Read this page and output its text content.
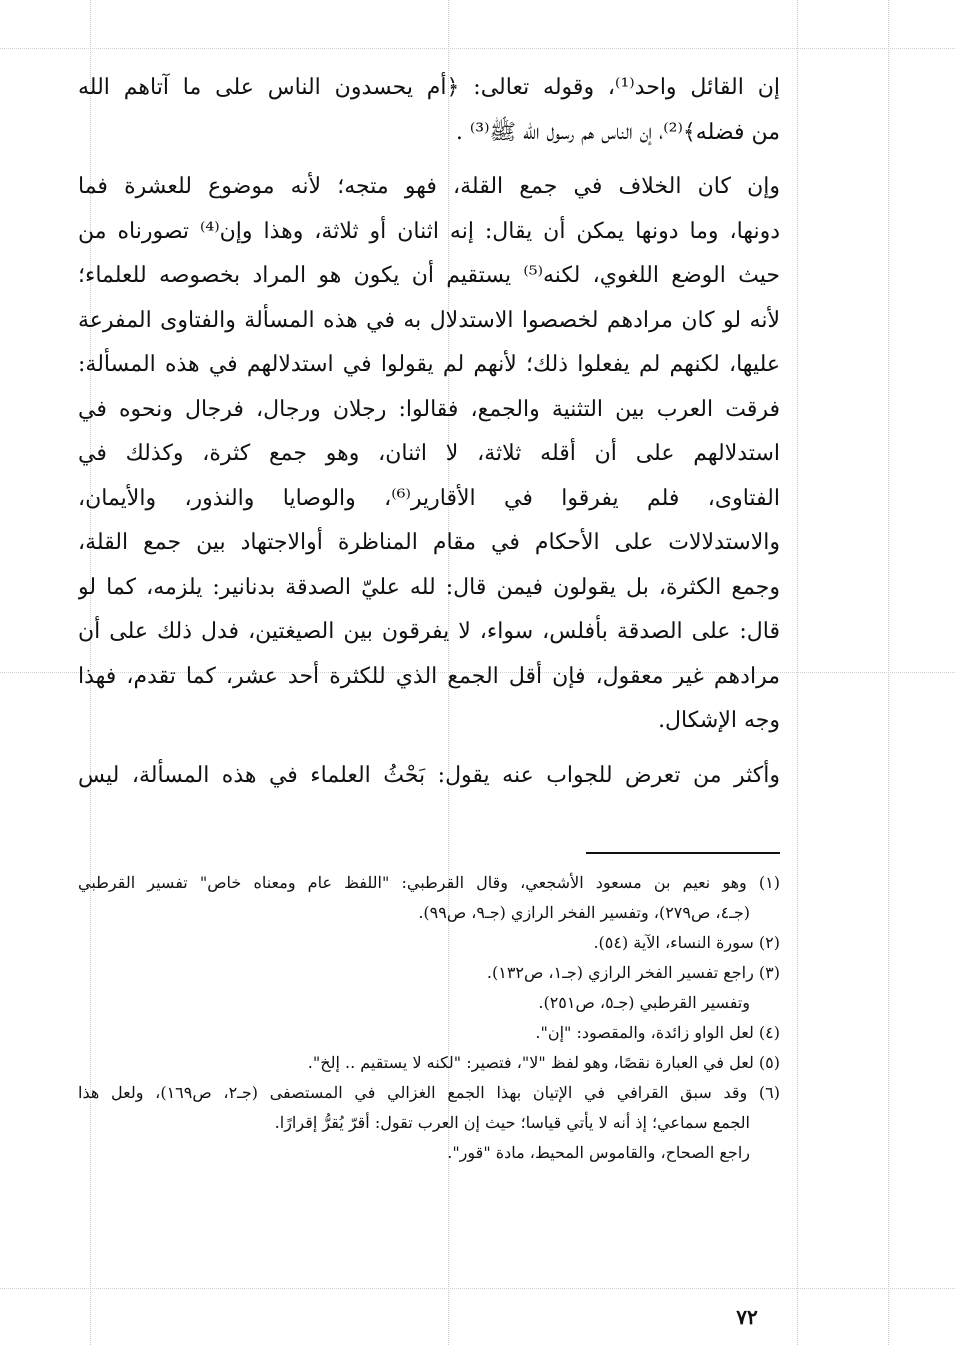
إن القائل واحد⁽¹⁾، وقوله تعالى: ﴿أم يحسدون الناس على ما آتاهم الله
من فضله﴾⁽²⁾، إن الناس هم رسول الله ﷺ⁽³⁾ .
وإن كان الخلاف في جمع القلة، فهو متجه؛ لأنه موضوع للعشرة فما
دونها، وما دونها يمكن أن يقال: إنه اثنان أو ثلاثة، وهذا وإن⁽⁴⁾ تصورناه من
حيث الوضع اللغوي، لكنه⁽⁵⁾ يستقيم أن يكون هو المراد بخصوصه للعلماء؛
لأنه لو كان مرادهم لخصصوا الاستدلال به في هذه المسألة والفتاوى المفرعة
عليها، لكنهم لم يفعلوا ذلك؛ لأنهم لم يقولوا في استدلالهم في هذه المسألة:
فرقت العرب بين التثنية والجمع، فقالوا: رجلان ورجال، فرجال ونحوه في
استدلالهم على أن أقله ثلاثة، لا اثنان، وهو جمع كثرة، وكذلك في
الفتاوى، فلم يفرقوا في الأقارير⁽⁶⁾، والوصايا والنذور، والأيمان،
والاستدلالات على الأحكام في مقام المناظرة أوالاجتهاد بين جمع القلة،
وجمع الكثرة، بل يقولون فيمن قال: لله عليّ الصدقة بدنانير: يلزمه، كما لو
قال: على الصدقة بأفلس، سواء، لا يفرقون بين الصيغتين، فدل ذلك على أن
مرادهم غير معقول، فإن أقل الجمع الذي للكثرة أحد عشر، كما تقدم، فهذا
وجه الإشكال.
وأكثر من تعرض للجواب عنه يقول: بَحْثُ العلماء في هذه المسألة، ليس
(١) وهو نعيم بن مسعود الأشجعي، وقال القرطبي: "اللفظ عام ومعناه خاص" تفسير القرطبي
(جـ٤، ص٢٧٩)، وتفسير الفخر الرازي (جـ٩، ص٩٩).
(٢) سورة النساء، الآية (٥٤).
(٣) راجع تفسير الفخر الرازي (جـ١، ص١٣٢).
وتفسير القرطبي (جـ٥، ص٢٥١).
(٤) لعل الواو زائدة، والمقصود: "إن".
(٥) لعل في العبارة نقصًا، وهو لفظ "لا"، فتصير: "لكنه لا يستقيم .. إلخ".
(٦) وقد سبق القرافي في الإتيان بهذا الجمع الغزالي في المستصفى (جـ٢، ص١٦٩)، ولعل هذا
الجمع سماعي؛ إذ أنه لا يأتي قياسا؛ حيث إن العرب تقول: أقرّ يُقرُّ إقرارًا.
راجع الصحاح، والقاموس المحيط، مادة "قور".
٧٢
